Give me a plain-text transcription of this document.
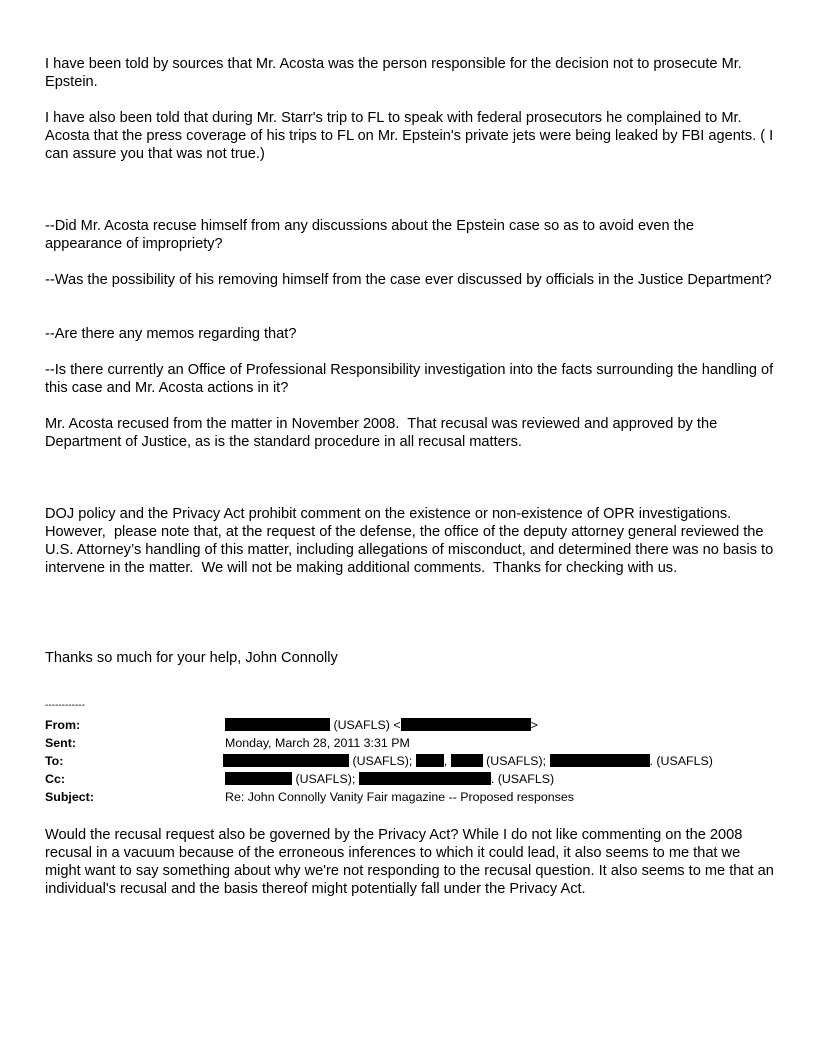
I have been told by sources that Mr. Acosta was the person responsible for the decision not to prosecute Mr. Epstein.

I have also been told that during Mr. Starr's trip to FL to speak with federal prosecutors he complained to Mr. Acosta that the press coverage of his trips to FL on Mr. Epstein's private jets were being leaked by FBI agents. ( I can assure you that was not true.)

--Did Mr. Acosta recuse himself from any discussions about the Epstein case so as to avoid even the appearance of impropriety?

--Was the possibility of his removing himself from the case ever discussed by officials in the Justice Department?

--Are there any memos regarding that?

--Is there currently an Office of Professional Responsibility investigation into the facts surrounding the handling of this case and Mr. Acosta actions in it?

Mr. Acosta recused from the matter in November 2008.  That recusal was reviewed and approved by the Department of Justice, as is the standard procedure in all recusal matters.

DOJ policy and the Privacy Act prohibit comment on the existence or non-existence of OPR investigations.  However,  please note that, at the request of the defense, the office of the deputy attorney general reviewed the U.S. Attorney’s handling of this matter, including allegations of misconduct, and determined there was no basis to intervene in the matter.  We will not be making additional comments.  Thanks for checking with us.

Thanks so much for your help, John Connolly

------------
From:	(USAFLS) <	>
Sent:	Monday, March 28, 2011 3:31 PM
To:	(USAFLS);	,	(USAFLS);	. (USAFLS)
Cc:	(USAFLS);	. (USAFLS)
Subject:	Re: John Connolly Vanity Fair magazine -- Proposed responses

Would the recusal request also be governed by the Privacy Act? While I do not like commenting on the 2008 recusal in a vacuum because of the erroneous inferences to which it could lead, it also seems to me that we might want to say something about why we're not responding to the recusal question. It also seems to me that an individual's recusal and the basis thereof might potentially fall under the Privacy Act.
